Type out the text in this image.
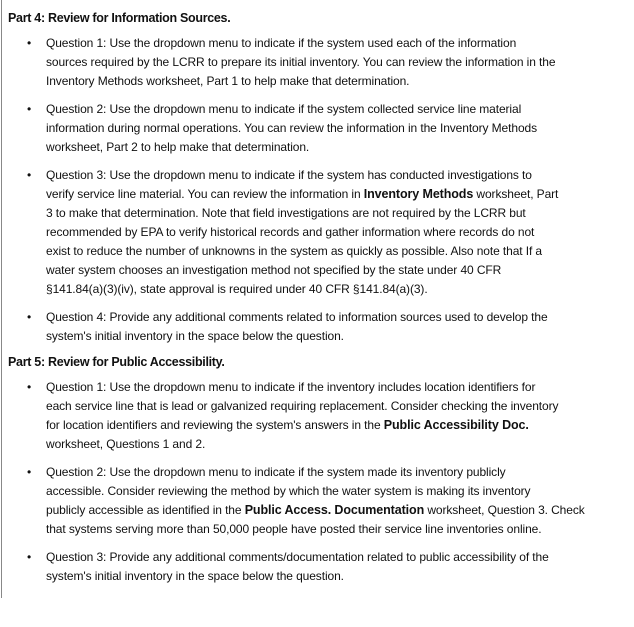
Part 4: Review for Information Sources.
• Question 1: Use the dropdown menu to indicate if the system used each of the information
sources required by the LCRR to prepare its initial inventory. You can review the information in the
Inventory Methods worksheet, Part 1 to help make that determination.
• Question 2: Use the dropdown menu to indicate if the system collected service line material
information during normal operations. You can review the information in the Inventory Methods
worksheet, Part 2 to help make that determination.
• Question 3: Use the dropdown menu to indicate if the system has conducted investigations to
verify service line material. You can review the information in Inventory Methods worksheet, Part
3 to make that determination. Note that field investigations are not required by the LCRR but
recommended by EPA to verify historical records and gather information where records do not
exist to reduce the number of unknowns in the system as quickly as possible. Also note that If a
water system chooses an investigation method not specified by the state under 40 CFR
§141.84(a)(3)(iv), state approval is required under 40 CFR §141.84(a)(3).
• Question 4: Provide any additional comments related to information sources used to develop the
system's initial inventory in the space below the question.
Part 5: Review for Public Accessibility.
• Question 1: Use the dropdown menu to indicate if the inventory includes location identifiers for
each service line that is lead or galvanized requiring replacement. Consider checking the inventory
for location identifiers and reviewing the system's answers in the Public Accessibility Doc.
worksheet, Questions 1 and 2.
• Question 2: Use the dropdown menu to indicate if the system made its inventory publicly
accessible. Consider reviewing the method by which the water system is making its inventory
publicly accessible as identified in the Public Access. Documentation worksheet, Question 3. Check
that systems serving more than 50,000 people have posted their service line inventories online.
• Question 3: Provide any additional comments/documentation related to public accessibility of the
system's initial inventory in the space below the question.
